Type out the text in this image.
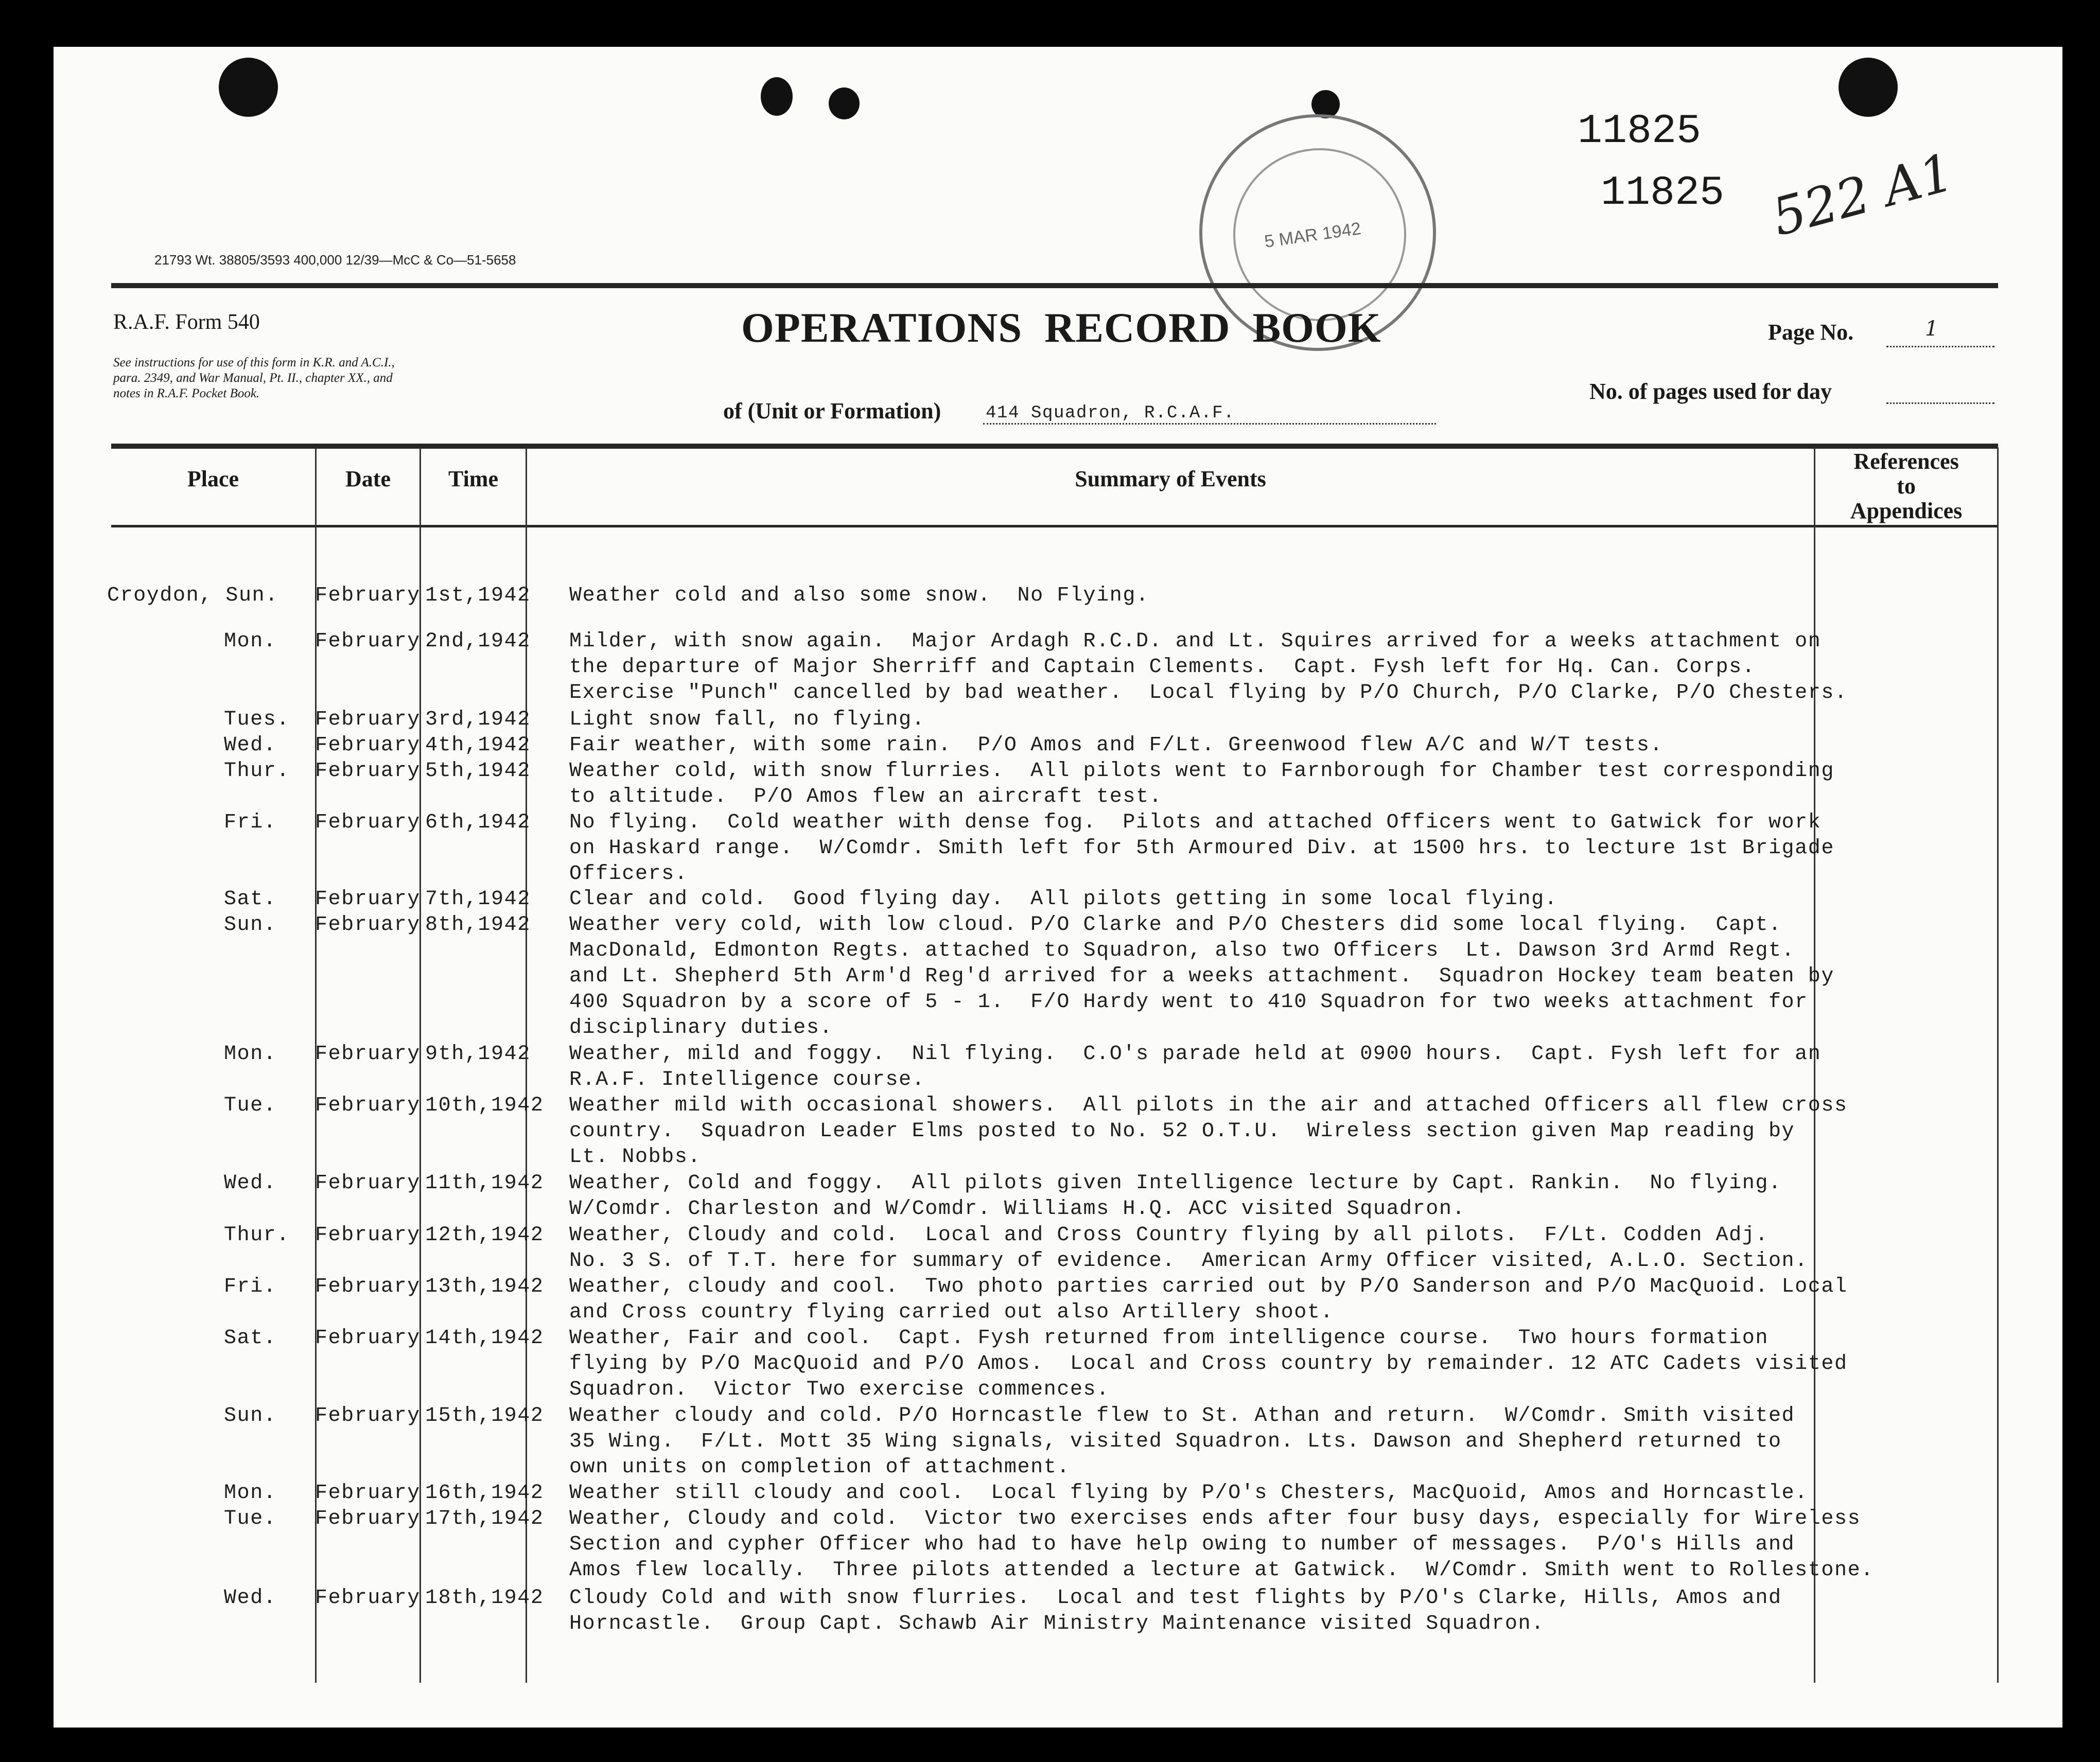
11825
11825 522 A1
5 MAR 1942
21793 Wt. 38805/3593 400,000 12/39—McC & Co—51-5658
R.A.F. Form 540
See instructions for use of this form in K.R. and A.C.I.,
para. 2349, and War Manual, Pt. II., chapter XX., and
notes in R.A.F. Pocket Book.
OPERATIONS  RECORD  BOOK	Page No.	1
No. of pages used for day
of (Unit or Formation)	414 Squadron, R.C.A.F.
Place	Date	Time	Summary of Events
References
to
Appendices
Croydon, Sun. February 1st,1942 Weather cold and also some snow.  No Flying.
Mon. February 2nd,1942 Milder, with snow again.  Major Ardagh R.C.D. and Lt. Squires arrived for a weeks attachment on
the departure of Major Sherriff and Captain Clements.  Capt. Fysh left for Hq. Can. Corps.
Exercise "Punch" cancelled by bad weather.  Local flying by P/O Church, P/O Clarke, P/O Chesters.
Tues. February 3rd,1942 Light snow fall, no flying.
Wed. February 4th,1942 Fair weather, with some rain.  P/O Amos and F/Lt. Greenwood flew A/C and W/T tests.
Thur. February 5th,1942 Weather cold, with snow flurries.  All pilots went to Farnborough for Chamber test corresponding
to altitude.  P/O Amos flew an aircraft test.
Fri. February 6th,1942 No flying.  Cold weather with dense fog.  Pilots and attached Officers went to Gatwick for work
on Haskard range.  W/Comdr. Smith left for 5th Armoured Div. at 1500 hrs. to lecture 1st Brigade
Officers.
Sat. February 7th,1942 Clear and cold.  Good flying day.  All pilots getting in some local flying.
Sun. February 8th,1942 Weather very cold, with low cloud. P/O Clarke and P/O Chesters did some local flying.  Capt.
MacDonald, Edmonton Regts. attached to Squadron, also two Officers  Lt. Dawson 3rd Armd Regt.
and Lt. Shepherd 5th Arm'd Reg'd arrived for a weeks attachment.  Squadron Hockey team beaten by
400 Squadron by a score of 5 - 1.  F/O Hardy went to 410 Squadron for two weeks attachment for
disciplinary duties.
Mon. February 9th,1942 Weather, mild and foggy.  Nil flying.  C.O's parade held at 0900 hours.  Capt. Fysh left for an
R.A.F. Intelligence course.
Tue. February 10th,1942 Weather mild with occasional showers.  All pilots in the air and attached Officers all flew cross
country.  Squadron Leader Elms posted to No. 52 O.T.U.  Wireless section given Map reading by
Lt. Nobbs.
Wed. February 11th,1942 Weather, Cold and foggy.  All pilots given Intelligence lecture by Capt. Rankin.  No flying.
W/Comdr. Charleston and W/Comdr. Williams H.Q. ACC visited Squadron.
Thur. February 12th,1942 Weather, Cloudy and cold.  Local and Cross Country flying by all pilots.  F/Lt. Codden Adj.
No. 3 S. of T.T. here for summary of evidence.  American Army Officer visited, A.L.O. Section.
Fri. February 13th,1942 Weather, cloudy and cool.  Two photo parties carried out by P/O Sanderson and P/O MacQuoid. Local
and Cross country flying carried out also Artillery shoot.
Sat. February 14th,1942 Weather, Fair and cool.  Capt. Fysh returned from intelligence course.  Two hours formation
flying by P/O MacQuoid and P/O Amos.  Local and Cross country by remainder. 12 ATC Cadets visited
Squadron.  Victor Two exercise commences.
Sun. February 15th,1942 Weather cloudy and cold. P/O Horncastle flew to St. Athan and return.  W/Comdr. Smith visited
35 Wing.  F/Lt. Mott 35 Wing signals, visited Squadron. Lts. Dawson and Shepherd returned to
own units on completion of attachment.
Mon. February 16th,1942 Weather still cloudy and cool.  Local flying by P/O's Chesters, MacQuoid, Amos and Horncastle.
Tue. February 17th,1942 Weather, Cloudy and cold.  Victor two exercises ends after four busy days, especially for Wireless
Section and cypher Officer who had to have help owing to number of messages.  P/O's Hills and
Amos flew locally.  Three pilots attended a lecture at Gatwick.  W/Comdr. Smith went to Rollestone.
Wed. February 18th,1942 Cloudy Cold and with snow flurries.  Local and test flights by P/O's Clarke, Hills, Amos and
Horncastle.  Group Capt. Schawb Air Ministry Maintenance visited Squadron.
